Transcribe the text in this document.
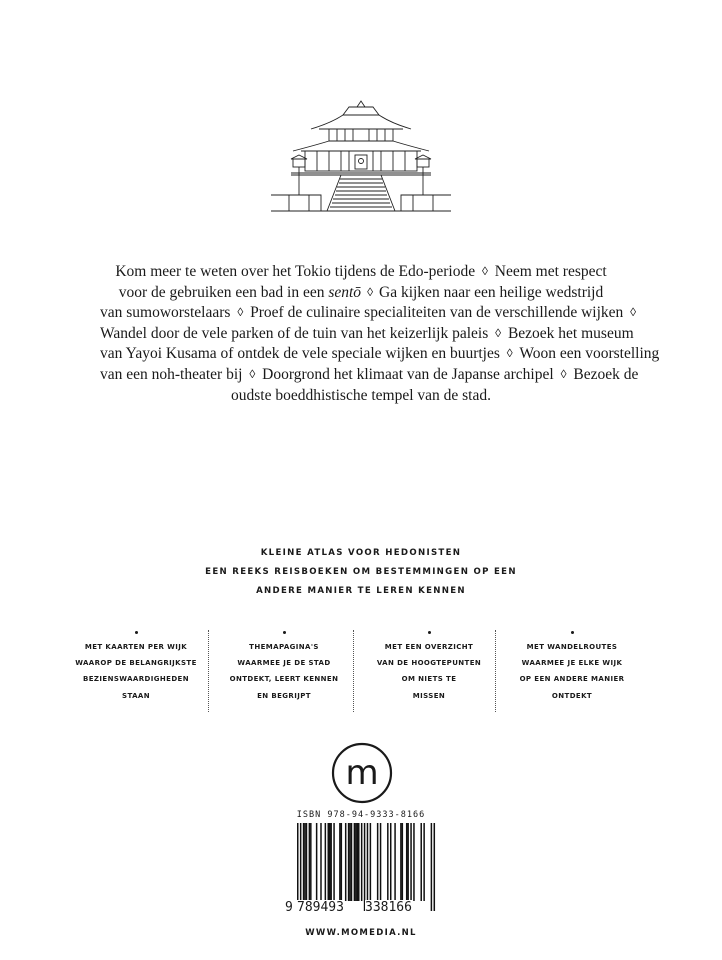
Kom meer te weten over het Tokio tijdens de Edo-periode ◊ Neem met respect
voor de gebruiken een bad in een sentō ◊ Ga kijken naar een heilige wedstrijd
van sumoworstelaars ◊ Proef de culinaire specialiteiten van de verschillende wijken ◊
Wandel door de vele parken of de tuin van het keizerlijk paleis ◊ Bezoek het museum
van Yayoi Kusama of ontdek de vele speciale wijken en buurtjes ◊ Woon een voorstelling
van een noh-theater bij ◊ Doorgrond het klimaat van de Japanse archipel ◊ Bezoek de
oudste boeddhistische tempel van de stad.
KLEINE ATLAS VOOR HEDONISTEN
EEN REEKS REISBOEKEN OM BESTEMMINGEN OP EEN
ANDERE MANIER TE LEREN KENNEN
MET KAARTEN PER WIJK
WAAROP DE BELANGRIJKSTE
BEZIENSWAARDIGHEDEN
STAAN
THEMAPAGINA'S
WAARMEE JE DE STAD
ONTDEKT, LEERT KENNEN
EN BEGRIJPT
MET EEN OVERZICHT
VAN DE HOOGTEPUNTEN
OM NIETS TE
MISSEN
MET WANDELROUTES
WAARMEE JE ELKE WIJK
OP EEN ANDERE MANIER
ONTDEKT
m
ISBN 978-94-9333-8166
9 789493 338166
WWW.MOMEDIA.NL
